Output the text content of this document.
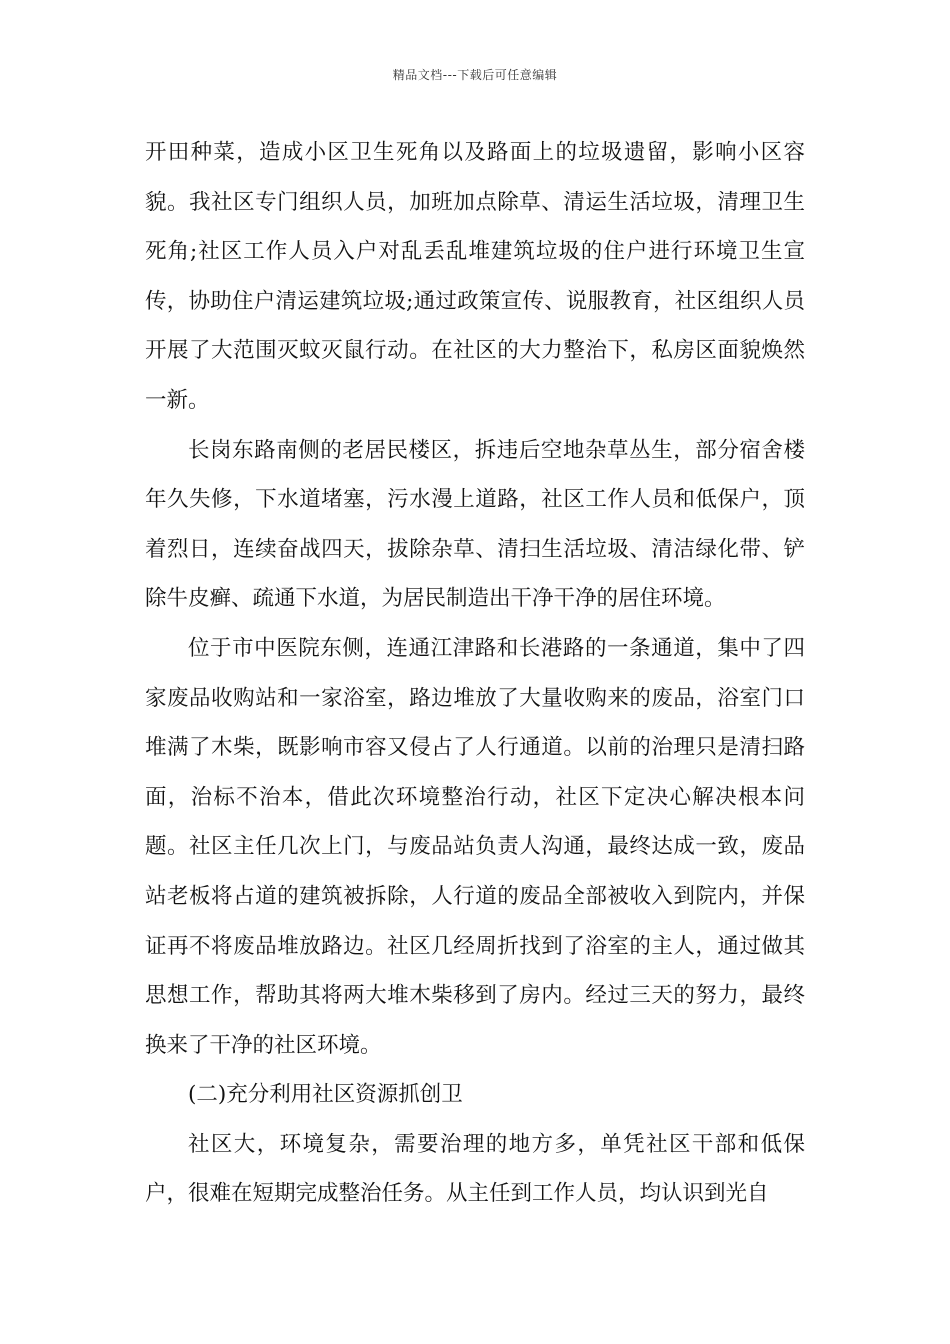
精品文档---下载后可任意编辑

开田种菜，造成小区卫生死角以及路面上的垃圾遗留，影响小区容貌。我社区专门组织人员，加班加点除草、清运生活垃圾，清理卫生死角;社区工作人员入户对乱丢乱堆建筑垃圾的住户进行环境卫生宣传，协助住户清运建筑垃圾;通过政策宣传、说服教育，社区组织人员开展了大范围灭蚊灭鼠行动。在社区的大力整治下，私房区面貌焕然一新。

长岗东路南侧的老居民楼区，拆违后空地杂草丛生，部分宿舍楼年久失修，下水道堵塞，污水漫上道路，社区工作人员和低保户，顶着烈日，连续奋战四天，拔除杂草、清扫生活垃圾、清洁绿化带、铲除牛皮癣、疏通下水道，为居民制造出干净干净的居住环境。

位于市中医院东侧，连通江津路和长港路的一条通道，集中了四家废品收购站和一家浴室，路边堆放了大量收购来的废品，浴室门口堆满了木柴，既影响市容又侵占了人行通道。以前的治理只是清扫路面，治标不治本，借此次环境整治行动，社区下定决心解决根本问题。社区主任几次上门，与废品站负责人沟通，最终达成一致，废品站老板将占道的建筑被拆除，人行道的废品全部被收入到院内，并保证再不将废品堆放路边。社区几经周折找到了浴室的主人，通过做其思想工作，帮助其将两大堆木柴移到了房内。经过三天的努力，最终换来了干净的社区环境。

(二)充分利用社区资源抓创卫

社区大，环境复杂，需要治理的地方多，单凭社区干部和低保户，很难在短期完成整治任务。从主任到工作人员，均认识到光自
